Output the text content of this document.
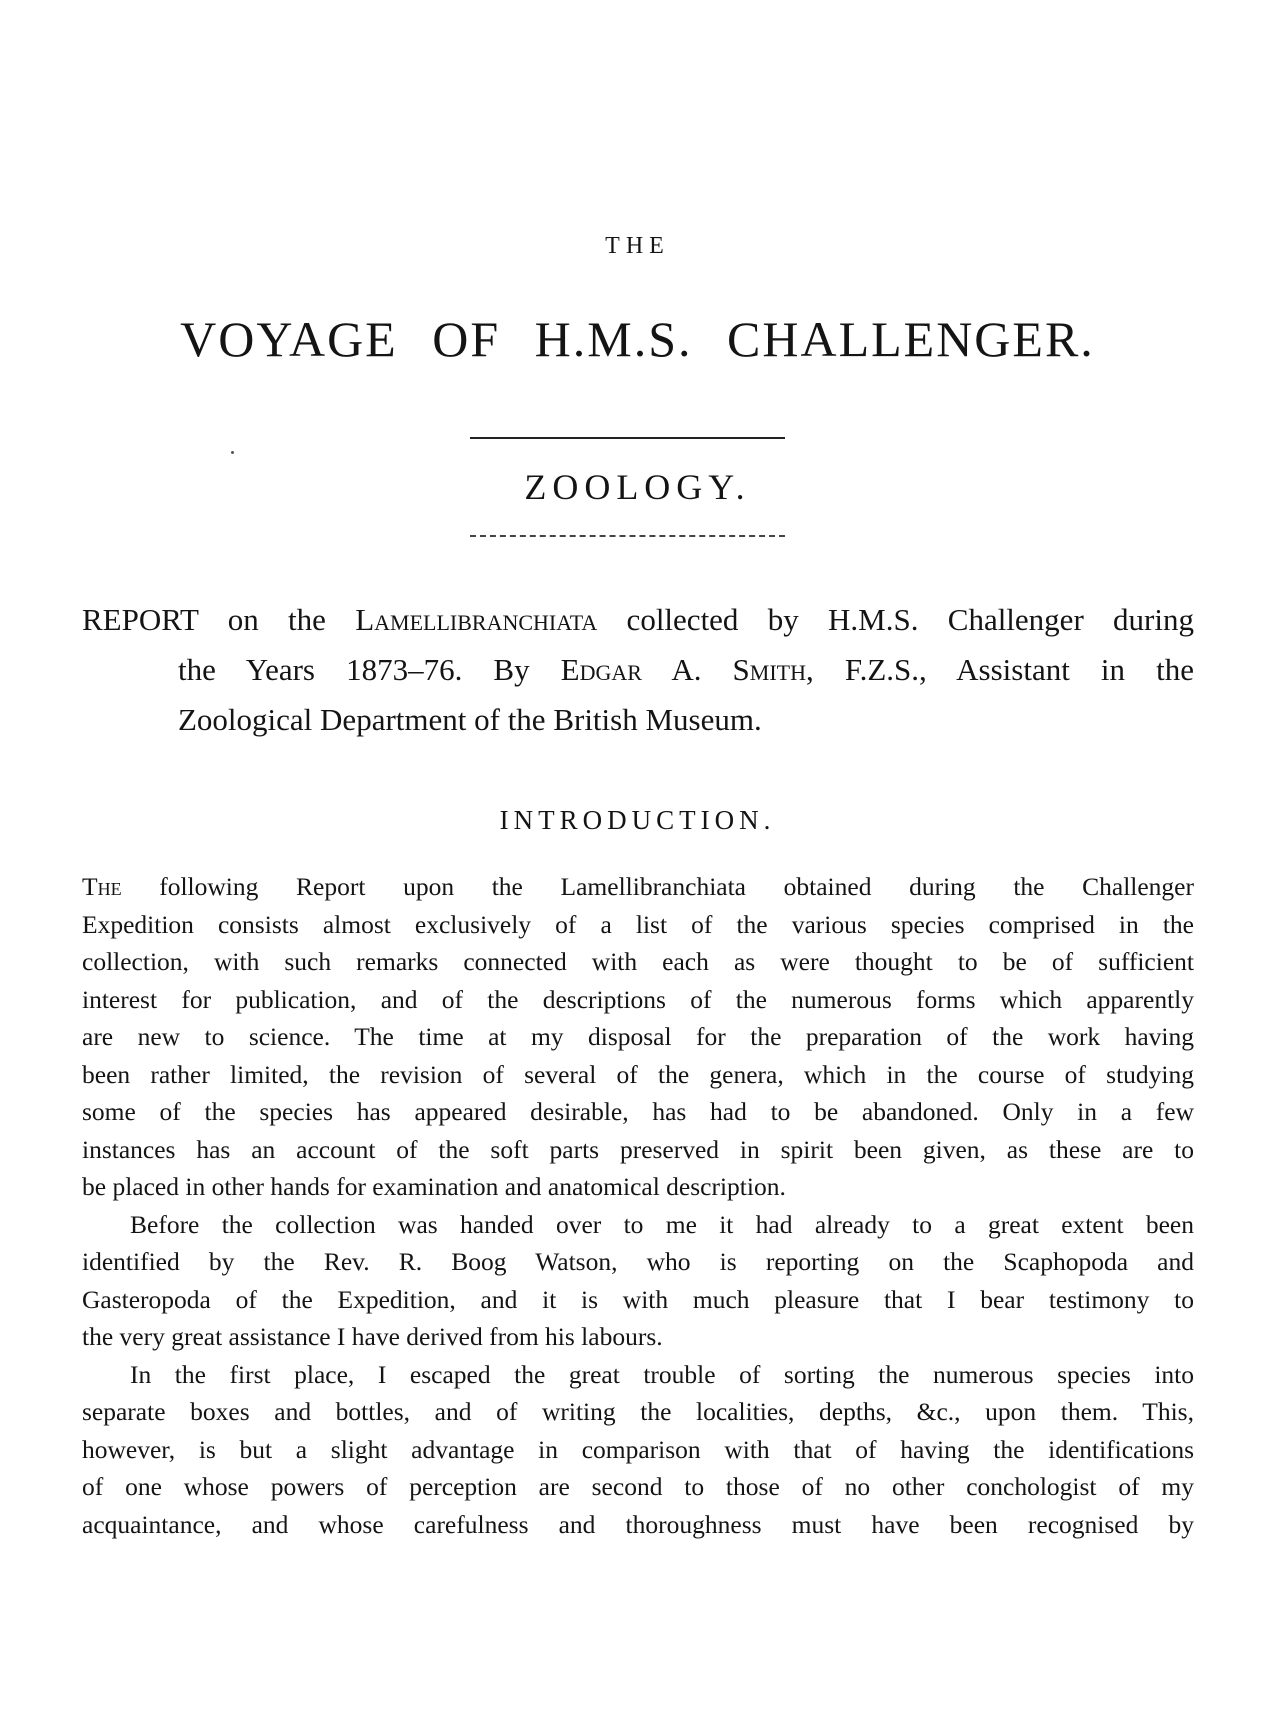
THE
VOYAGE OF H.M.S. CHALLENGER.
ZOOLOGY.
REPORT on the Lamellibranchiata collected by H.M.S. Challenger during
the Years 1873–76. By Edgar A. Smith, F.Z.S., Assistant in the
Zoological Department of the British Museum.
INTRODUCTION.

The following Report upon the Lamellibranchiata obtained during the Challenger
Expedition consists almost exclusively of a list of the various species comprised in the
collection, with such remarks connected with each as were thought to be of sufficient
interest for publication, and of the descriptions of the numerous forms which apparently
are new to science. The time at my disposal for the preparation of the work having
been rather limited, the revision of several of the genera, which in the course of studying
some of the species has appeared desirable, has had to be abandoned. Only in a few
instances has an account of the soft parts preserved in spirit been given, as these are to
be placed in other hands for examination and anatomical description.

Before the collection was handed over to me it had already to a great extent been
identified by the Rev. R. Boog Watson, who is reporting on the Scaphopoda and
Gasteropoda of the Expedition, and it is with much pleasure that I bear testimony to
the very great assistance I have derived from his labours.

In the first place, I escaped the great trouble of sorting the numerous species into
separate boxes and bottles, and of writing the localities, depths, &c., upon them. This,
however, is but a slight advantage in comparison with that of having the identifications
of one whose powers of perception are second to those of no other conchologist of my
acquaintance, and whose carefulness and thoroughness must have been recognised by
